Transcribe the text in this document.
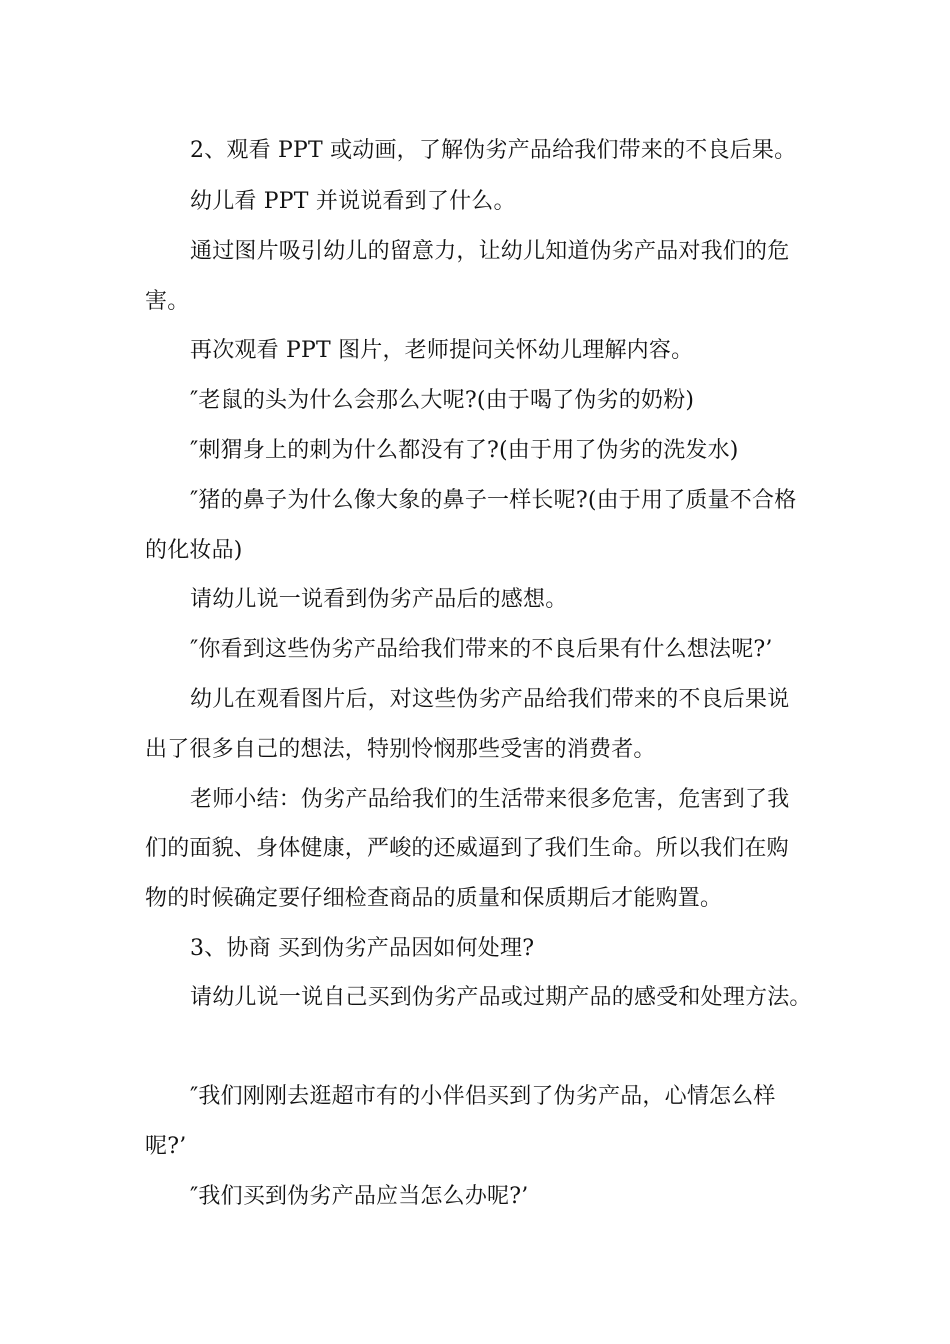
2、观看 PPT 或动画，了解伪劣产品给我们带来的不良后果。
幼儿看 PPT 并说说看到了什么。
通过图片吸引幼儿的留意力，让幼儿知道伪劣产品对我们的危
害。
再次观看 PPT 图片，老师提问关怀幼儿理解内容。
″老鼠的头为什么会那么大呢?(由于喝了伪劣的奶粉)
″刺猬身上的刺为什么都没有了?(由于用了伪劣的洗发水)
″猪的鼻子为什么像大象的鼻子一样长呢?(由于用了质量不合格
的化妆品)
请幼儿说一说看到伪劣产品后的感想。
″你看到这些伪劣产品给我们带来的不良后果有什么想法呢?’
幼儿在观看图片后，对这些伪劣产品给我们带来的不良后果说
出了很多自己的想法，特别怜悯那些受害的消费者。
老师小结：伪劣产品给我们的生活带来很多危害，危害到了我
们的面貌、身体健康，严峻的还威逼到了我们生命。所以我们在购
物的时候确定要仔细检查商品的质量和保质期后才能购置。
3、协商 买到伪劣产品因如何处理?
请幼儿说一说自己买到伪劣产品或过期产品的感受和处理方法。
″我们刚刚去逛超市有的小伴侣买到了伪劣产品，心情怎么样
呢?’
″我们买到伪劣产品应当怎么办呢?’
